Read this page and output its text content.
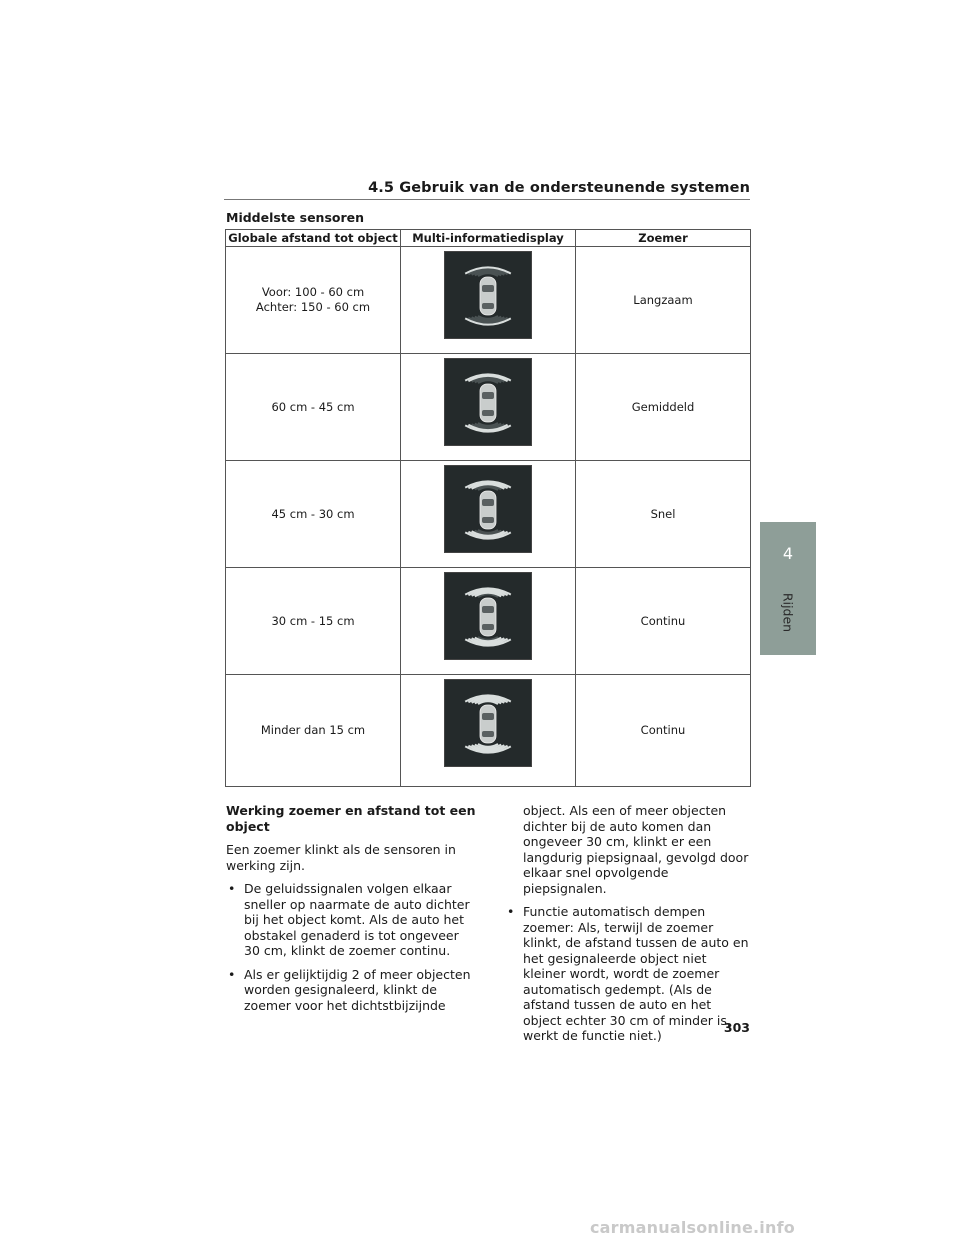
4.5 Gebruik van de ondersteunende systemen
Middelste sensoren
Globale afstand tot object	Multi-informatiedisplay	Zoemer

Voor: 100 - 60 cm
Achter: 150 - 60 cm		Langzaam

60 cm - 45 cm		Gemiddeld

45 cm - 30 cm		Snel

30 cm - 15 cm		Continu

Minder dan 15 cm		Continu
4
Rijden

Werking zoemer en afstand tot een object

Een zoemer klinkt als de sensoren in werking zijn.

• De geluidssignalen volgen elkaar sneller op naarmate de auto dichter bij het object komt. Als de auto het obstakel genaderd is tot ongeveer 30 cm, klinkt de zoemer continu.
• Als er gelijktijdig 2 of meer objecten worden gesignaleerd, klinkt de zoemer voor het dichtstbijzijnde

object. Als een of meer objecten dichter bij de auto komen dan ongeveer 30 cm, klinkt er een langdurig piepsignaal, gevolgd door elkaar snel opvolgende piepsignalen.

• Functie automatisch dempen zoemer: Als, terwijl de zoemer klinkt, de afstand tussen de auto en het gesignaleerde object niet kleiner wordt, wordt de zoemer automatisch gedempt. (Als de afstand tussen de auto en het object echter 30 cm of minder is, werkt de functie niet.)
303
carmanualsonline.info
